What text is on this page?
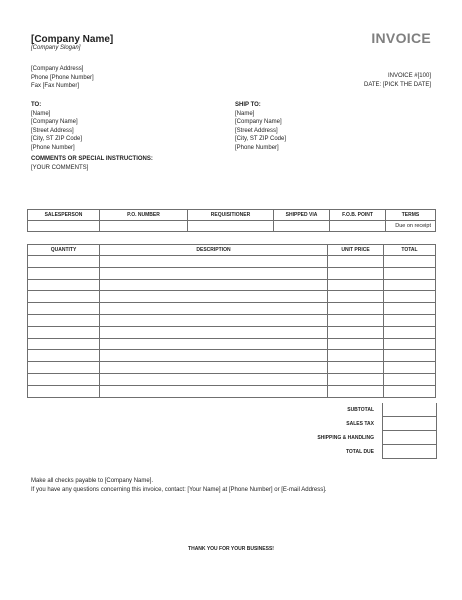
[Company Name]
[Company Slogan]
INVOICE
[Company Address]
Phone [Phone Number]
Fax [Fax Number]
INVOICE #[100]
DATE: [PICK THE DATE]
TO:
[Name]
[Company Name]
[Street Address]
[City, ST ZIP Code]
[Phone Number]
SHIP TO:
[Name]
[Company Name]
[Street Address]
[City, ST ZIP Code]
[Phone Number]
COMMENTS OR SPECIAL INSTRUCTIONS:
[YOUR COMMENTS]
SALESPERSON	P.O. NUMBER	REQUISITIONER	SHIPPED VIA	F.O.B. POINT	TERMS
					Due on receipt
QUANTITY	DESCRIPTION	UNIT PRICE	TOTAL

SUBTOTAL
SALES TAX
SHIPPING & HANDLING
TOTAL DUE
Make all checks payable to [Company Name].
If you have any questions concerning this invoice, contact: [Your Name] at [Phone Number] or [E-mail Address].
THANK YOU FOR YOUR BUSINESS!
